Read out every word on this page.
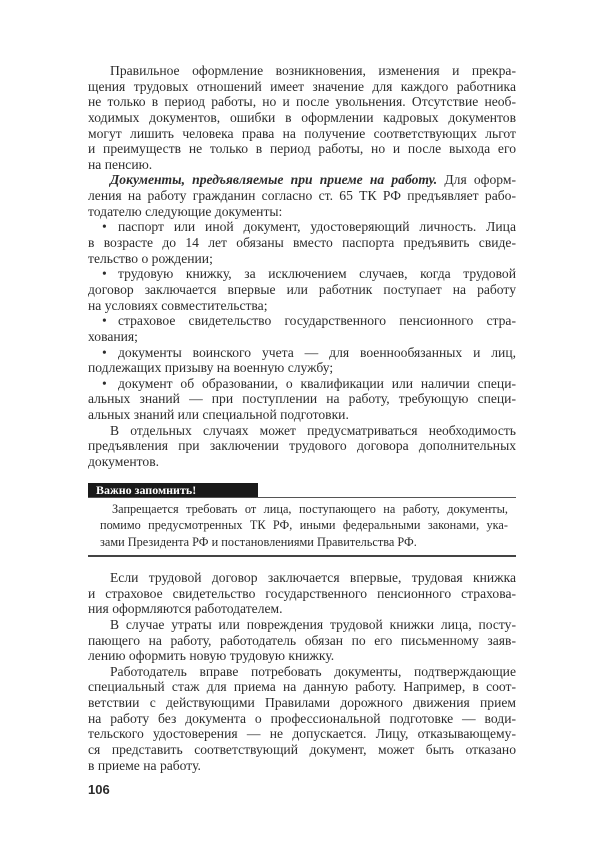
Правильное оформление возникновения, изменения и прекра-
щения трудовых отношений имеет значение для каждого работника
не только в период работы, но и после увольнения. Отсутствие необ-
ходимых документов, ошибки в оформлении кадровых документов
могут лишить человека права на получение соответствующих льгот
и преимуществ не только в период работы, но и после выхода его
на пенсию.
Документы, предъявляемые при приеме на работу. Для оформ-
ления на работу гражданин согласно ст. 65 ТК РФ предъявляет рабо-
тодателю следующие документы:
• паспорт или иной документ, удостоверяющий личность. Лица
в возрасте до 14 лет обязаны вместо паспорта предъявить свиде-
тельство о рождении;
• трудовую книжку, за исключением случаев, когда трудовой
договор заключается впервые или работник поступает на работу
на условиях совместительства;
• страховое свидетельство государственного пенсионного стра-
хования;
• документы воинского учета — для военнообязанных и лиц,
подлежащих призыву на военную службу;
• документ об образовании, о квалификации или наличии специ-
альных знаний — при поступлении на работу, требующую специ-
альных знаний или специальной подготовки.
В отдельных случаях может предусматриваться необходимость
предъявления при заключении трудового договора дополнительных
документов.
Важно запомнить!
Запрещается требовать от лица, поступающего на работу, документы,
помимо предусмотренных ТК РФ, иными федеральными законами, ука-
зами Президента РФ и постановлениями Правительства РФ.
Если трудовой договор заключается впервые, трудовая книжка
и страховое свидетельство государственного пенсионного страхова-
ния оформляются работодателем.
В случае утраты или повреждения трудовой книжки лица, посту-
пающего на работу, работодатель обязан по его письменному заяв-
лению оформить новую трудовую книжку.
Работодатель вправе потребовать документы, подтверждающие
специальный стаж для приема на данную работу. Например, в соот-
ветствии с действующими Правилами дорожного движения прием
на работу без документа о профессиональной подготовке — води-
тельского удостоверения — не допускается. Лицу, отказывающему-
ся представить соответствующий документ, может быть отказано
в приеме на работу.
106
